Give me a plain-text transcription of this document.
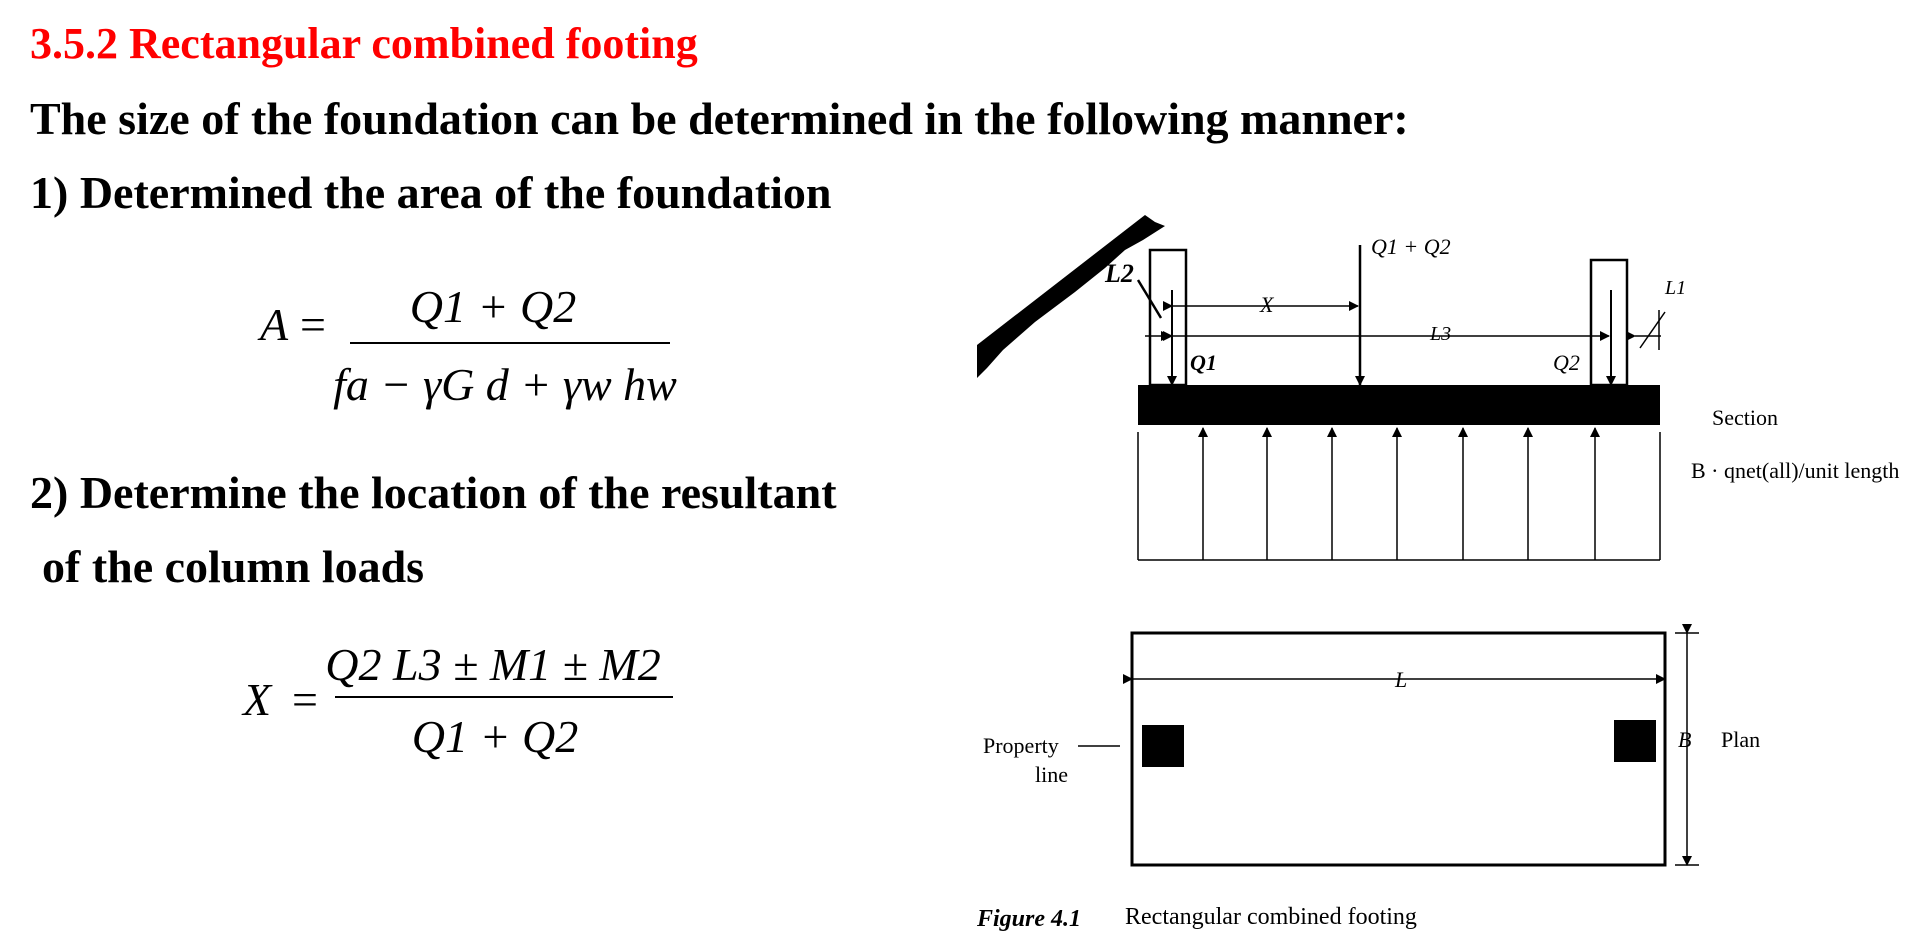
3.5.2 Rectangular combined footing
The size of the foundation can be determined in the following manner:
1) Determined the area of the foundation
A = Q1 + Q2
fa − γG d + γw hw
2) Determine the location of the resultant
of the column loads
X =
Q2 L3 ± M1 ± M2
Q1 + Q2
Q1 + Q2
X
L3
L2	L1
Q1	Q2
Section
B · qnet(all)/unit length
L
B Plan
Property
line
Figure 4.1 Rectangular combined footing
